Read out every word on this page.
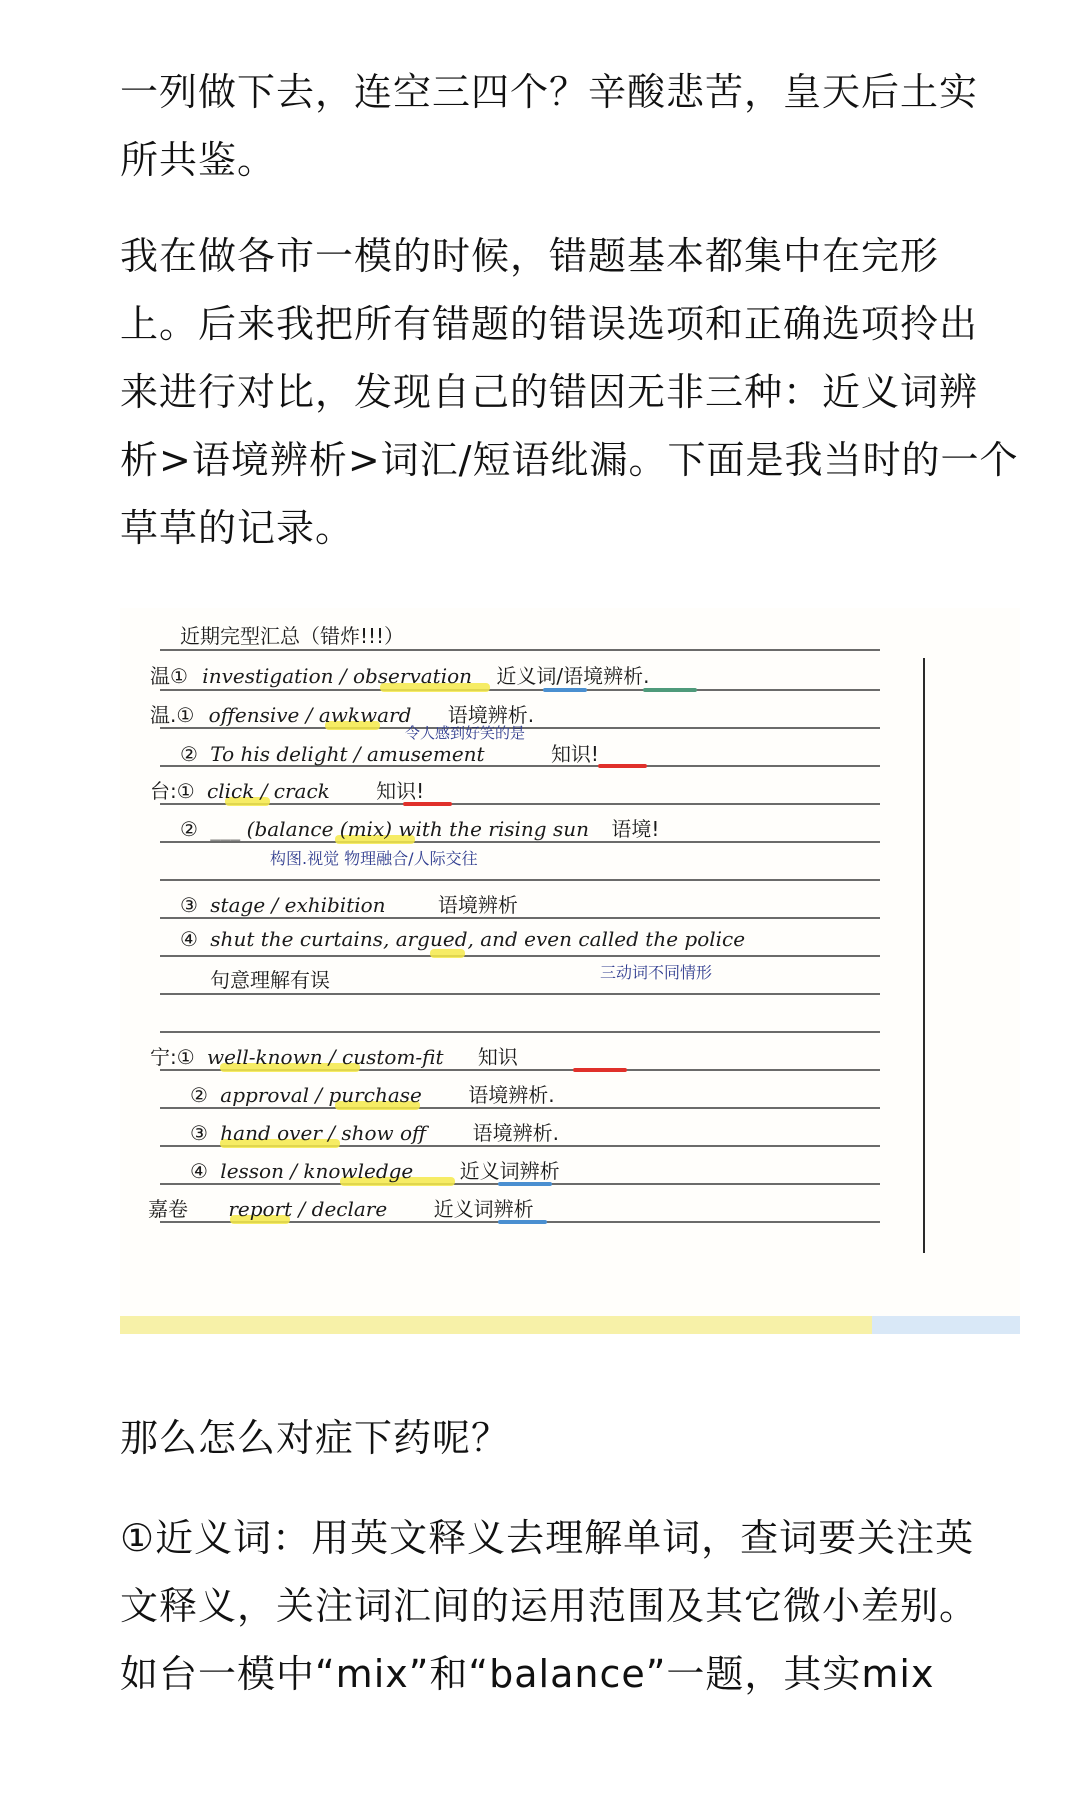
一列做下去，连空三四个？辛酸悲苦，皇天后土实
所共鉴。

我在做各市一模的时候，错题基本都集中在完形
上。后来我把所有错题的错误选项和正确选项拎出
来进行对比，发现自己的错因无非三种：近义词辨
析>语境辨析>词汇/短语纰漏。下面是我当时的一个
草草的记录。

近期完型汇总（错炸!!!）
温① investigation / observation 近义词/语境辨析.
温.① offensive / awkward 语境辨析.
令人感到好笑的是
② To his delight / amusement	知识!
台:① click / crack 知识!
② ___ (balance (mix) with the rising sun 语境!
构图.视觉 物理融合/人际交往
③ stage / exhibition	语境辨析
④ shut the curtains, argued, and even called the police
句意理解有误	三动词不同情形
宁:① well-known / custom-fit 知识
② approval / purchase 语境辨析.
③ hand over / show off 语境辨析.
④ lesson / knowledge 近义词辨析
嘉卷 report / declare 近义词辨析

那么怎么对症下药呢？

①近义词：用英文释义去理解单词，查词要关注英
文释义，关注词汇间的运用范围及其它微小差别。
如台一模中“mix”和“balance”一题，其实mix
